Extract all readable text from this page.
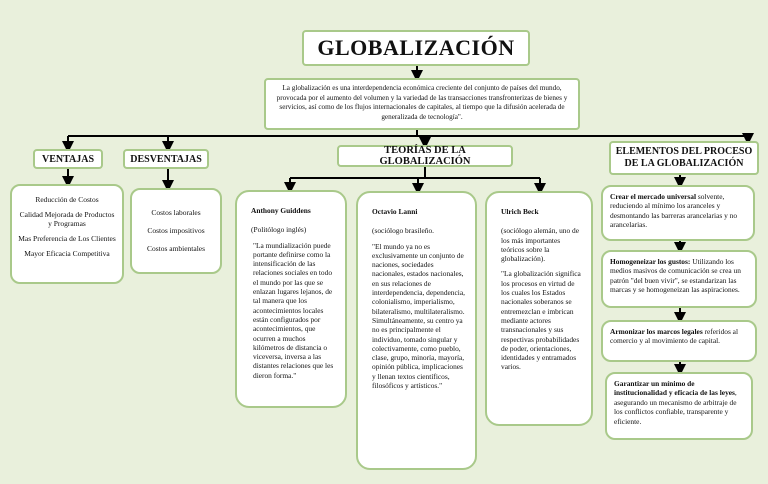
GLOBALIZACIÓN
La globalización es una interdependencia económica creciente del conjunto de países del mundo, provocada por el aumento del volumen y la variedad de las transacciones transfronterizas de bienes y servicios, así como de los flujos internacionales de capitales, al tiempo que la difusión acelerada de generalizada de tecnología".
VENTAJAS	DESVENTAJAS
TEORÍAS DE LA GLOBALIZACIÓN
ELEMENTOS DEL PROCESO DE LA GLOBALIZACIÓN
Reducción de Costos
Calidad Mejorada de Productos y Programas
Mas Preferencia de Los Clientes
Mayor Eficacia Competitiva
Costos laborales
Costos impositivos
Costos ambientales
Anthony Guiddens
(Politólogo inglés)
"La mundialización puede portante definirse como la intensificación de las relaciones sociales en todo el mundo por las que se enlazan lugares lejanos, de tal manera que los acontecimientos locales están configurados por acontecimientos, que ocurren a muchos kilómetros de distancia o viceversa, inversa a las distantes relaciones que les dieron forma."
Octavio Lanni
(sociólogo brasileño.
"El mundo ya no es exclusivamente un conjunto de naciones, sociedades nacionales, estados nacionales, en sus relaciones de interdependencia, dependencia, colonialismo, imperialismo, bilateralismo, multilateralismo. Simultáneamente, su centro ya no es principalmente el individuo, tomado singular y colectivamente, como pueblo, clase, grupo, minoría, mayoría, opinión pública, implicaciones y llenan textos científicos, filosóficos y artísticos."
Ulrich Beck
(sociólogo alemán, uno de los más importantes teóricos sobre la globalización).
"La globalización significa los procesos en virtud de los cuales los Estados nacionales soberanos se entremezclan e imbrican mediante actores transnacionales y sus respectivas probabilidades de poder, orientaciones, identidades y entramados varios.
Crear el mercado universal solvente, reduciendo al mínimo los aranceles y desmontando las barreras arancelarias y no arancelarias.
Homogeneizar los gustos: Utilizando los medios masivos de comunicación se crea un patrón "del buen vivir", se estandarizan las marcas y se homogeneizan las aspiraciones.
Armonizar los marcos legales referidos al comercio y al movimiento de capital.
Garantizar un mínimo de institucionalidad y eficacia de las leyes, asegurando un mecanismo de arbitraje de los conflictos confiable, transparente y eficiente.
